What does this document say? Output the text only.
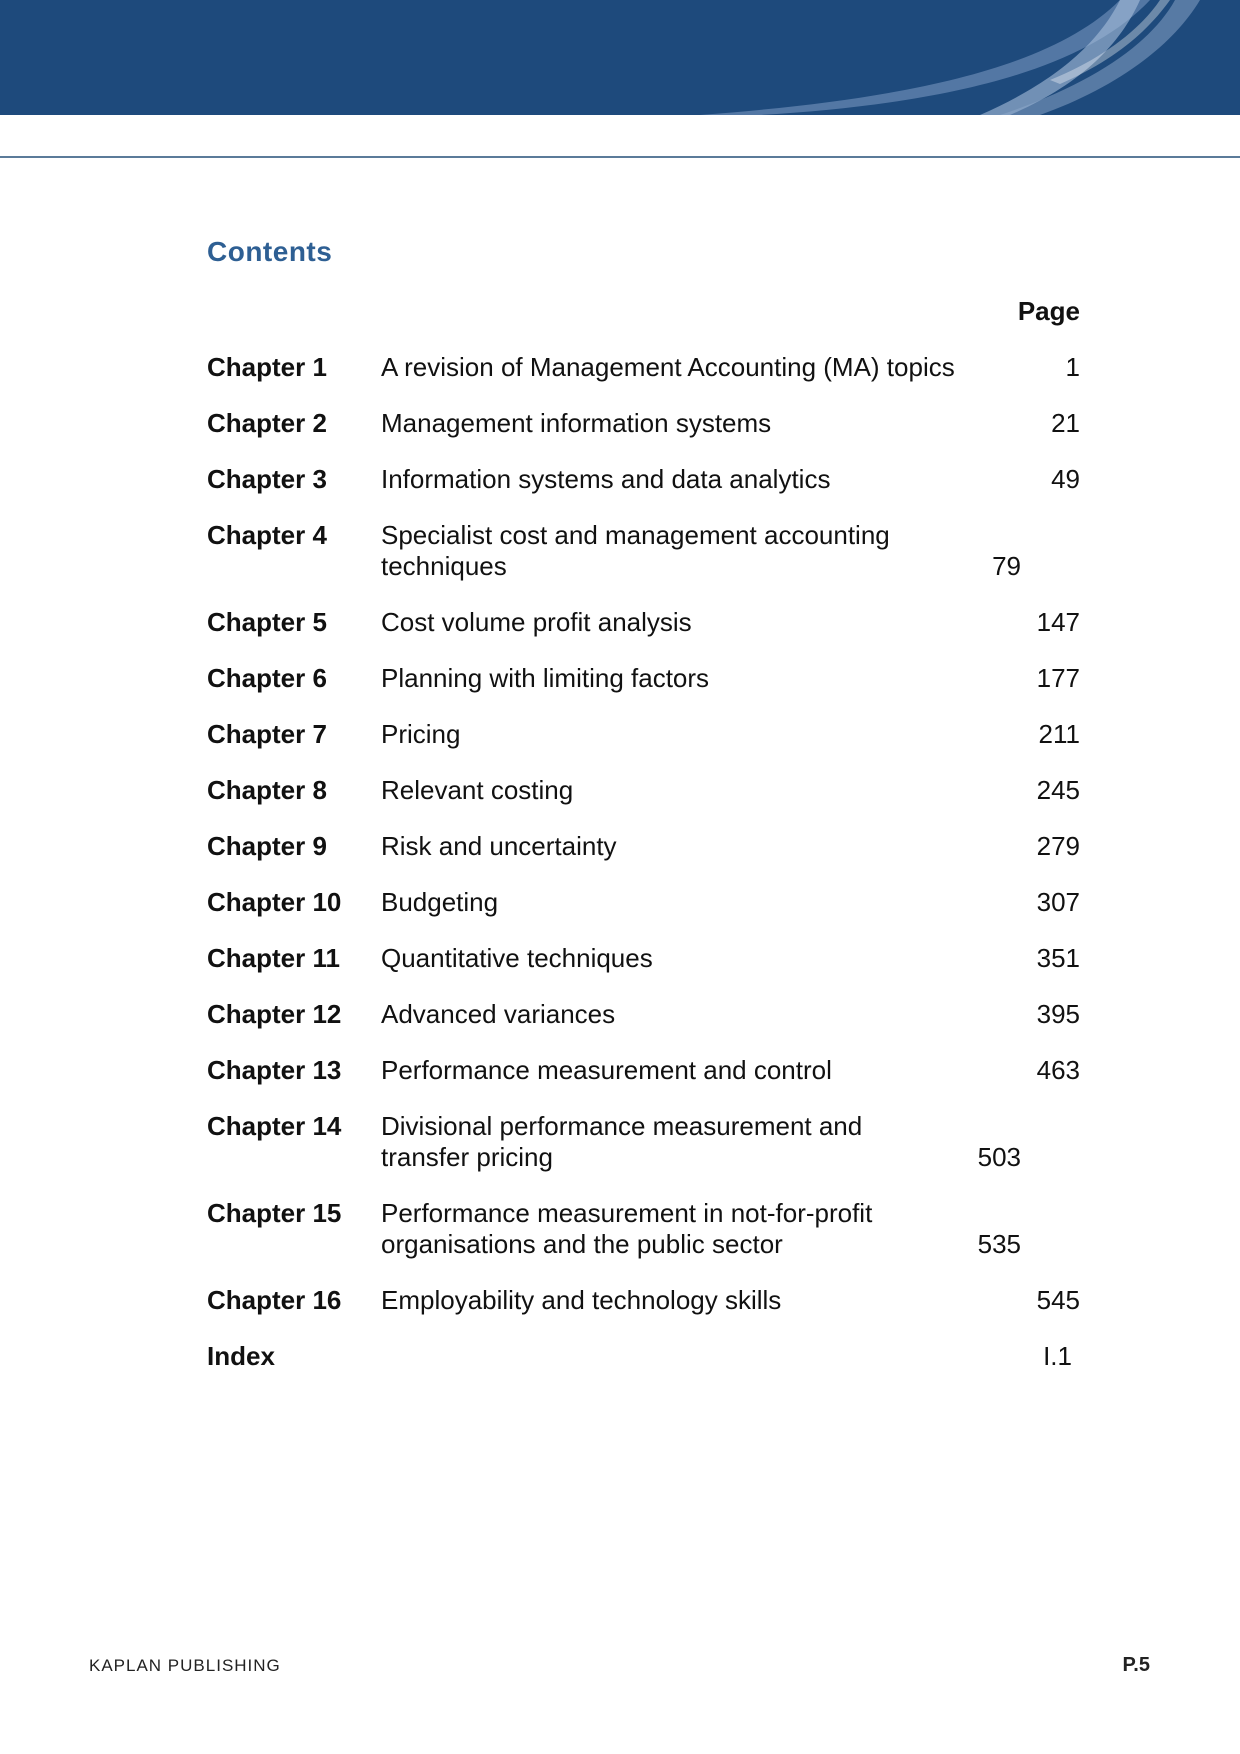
Contents
Page
Chapter 1	A revision of Management Accounting (MA) topics	1
Chapter 2	Management information systems	21
Chapter 3	Information systems and data analytics	49
Chapter 4	Specialist cost and management accounting techniques	79
Chapter 5	Cost volume profit analysis	147
Chapter 6	Planning with limiting factors	177
Chapter 7	Pricing	211
Chapter 8	Relevant costing	245
Chapter 9	Risk and uncertainty	279
Chapter 10	Budgeting	307
Chapter 11	Quantitative techniques	351
Chapter 12	Advanced variances	395
Chapter 13	Performance measurement and control	463
Chapter 14	Divisional performance measurement and transfer pricing	503
Chapter 15	Performance measurement in not-for-profit organisations and the public sector	535
Chapter 16	Employability and technology skills	545
Index	I.1
KAPLAN PUBLISHING	P.5
